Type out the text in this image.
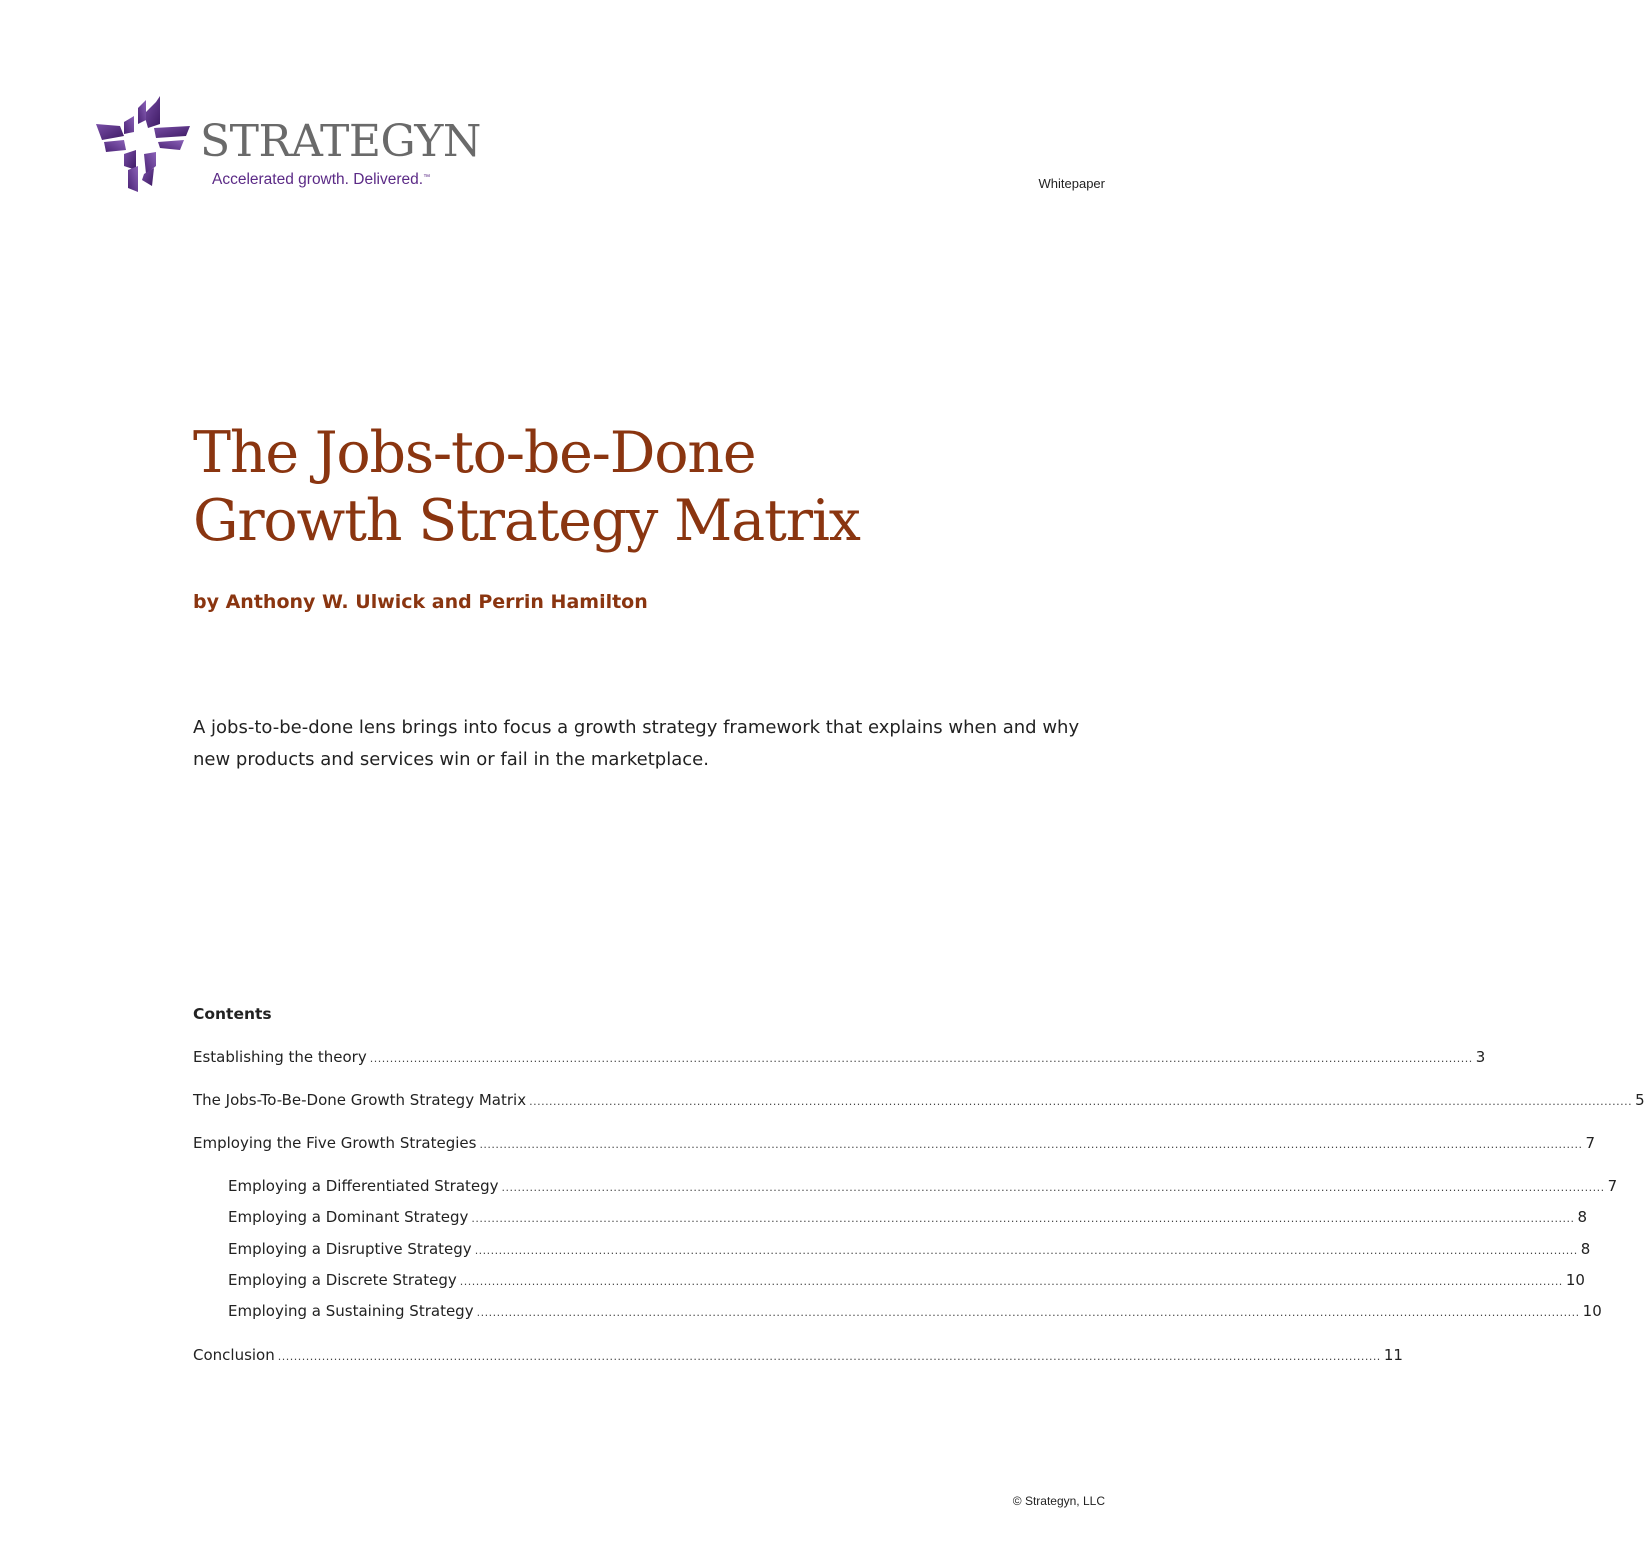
STRATEGYN
Accelerated growth. Delivered.™	Whitepaper
The Jobs-to-be-Done
Growth Strategy Matrix
by Anthony W. Ulwick and Perrin Hamilton

A jobs-to-be-done lens brings into focus a growth strategy framework that explains when and why new products and services win or fail in the marketplace.

Contents
Establishing the theory .................................................................................................................................................................................................................................................................................... 3
The Jobs-To-Be-Done Growth Strategy Matrix .................................................................................................................................................................................................................................................................................... 5
Employing the Five Growth Strategies .................................................................................................................................................................................................................................................................................... 7
Employing a Differentiated Strategy .................................................................................................................................................................................................................................................................................... 7
Employing a Dominant Strategy .................................................................................................................................................................................................................................................................................... 8
Employing a Disruptive Strategy .................................................................................................................................................................................................................................................................................... 8
Employing a Discrete Strategy .................................................................................................................................................................................................................................................................................... 10
Employing a Sustaining Strategy .................................................................................................................................................................................................................................................................................... 10
Conclusion .................................................................................................................................................................................................................................................................................... 11
© Strategyn, LLC
